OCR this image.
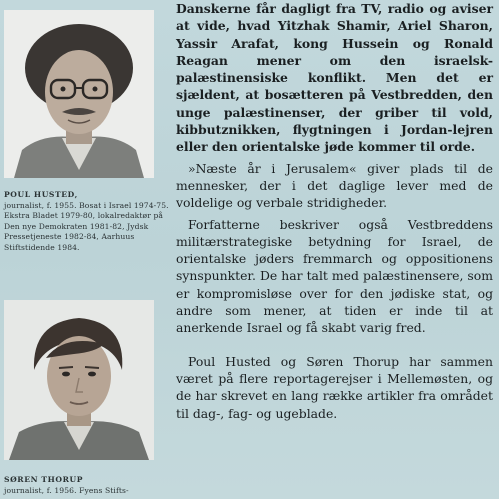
POUL HUSTED,
journalist, f. 1955. Bosat i Israel 1974-75. Ekstra Bladet 1979-80, lokalredaktør på Den nye Demokraten 1981-82, Jydsk Pressetjeneste 1982-84, Aarhuus Stiftstidende 1984.
SØREN THORUP
journalist, f. 1956. Fyens Stifts-

Danskerne får dagligt fra TV, radio og aviser at vide, hvad Yitzhak Shamir, Ariel Sharon, Yassir Arafat, kong Hussein og Ronald Reagan mener om den israelsk-palæstinensiske konflikt. Men det er sjældent, at bosætteren på Vestbredden, den unge palæstinenser, der griber til vold, kibbutznikken, flygtningen i Jordan-lejren eller den orientalske jøde kommer til orde.

»Næste år i Jerusalem« giver plads til de mennesker, der i det daglige lever med de voldelige og verbale stridigheder.

Forfatterne beskriver også Vestbreddens militærstrategiske betydning for Israel, de orientalske jøders fremmarch og oppositionens synspunkter. De har talt med palæstinensere, som er kompromisløse over for den jødiske stat, og andre som mener, at tiden er inde til at anerkende Israel og få skabt varig fred.

Poul Husted og Søren Thorup har sammen været på flere reportagerejser i Mellemøsten, og de har skrevet en lang række artikler fra området til dag-, fag- og ugeblade.
